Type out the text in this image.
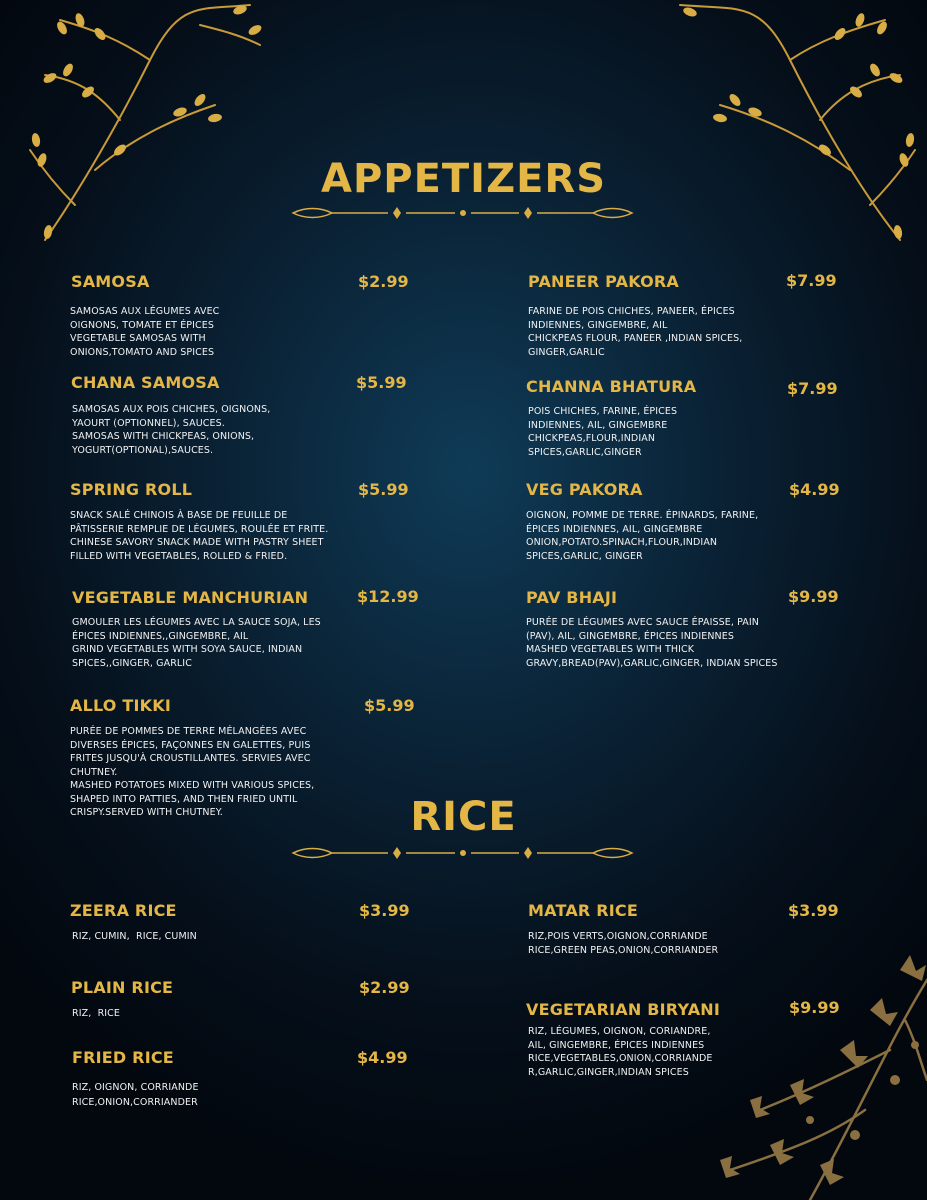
APPETIZERS
SAMOSA	$2.99
SAMOSAS AUX LÉGUMES AVEC
OIGNONS, TOMATE ET ÉPICES
VEGETABLE SAMOSAS WITH
ONIONS,TOMATO AND SPICES
CHANA SAMOSA	$5.99
SAMOSAS AUX POIS CHICHES, OIGNONS,
YAOURT (OPTIONNEL), SAUCES.
SAMOSAS WITH CHICKPEAS, ONIONS,
YOGURT(OPTIONAL),SAUCES.
SPRING ROLL	$5.99
SNACK SALÉ CHINOIS À BASE DE FEUILLE DE
PÂTISSERIE REMPLIE DE LÉGUMES, ROULÉE ET FRITE.
CHINESE SAVORY SNACK MADE WITH PASTRY SHEET
FILLED WITH VEGETABLES, ROLLED & FRIED.
VEGETABLE MANCHURIAN	$12.99
GMOULER LES LÉGUMES AVEC LA SAUCE SOJA, LES
ÉPICES INDIENNES,,GINGEMBRE, AIL
GRIND VEGETABLES WITH SOYA SAUCE, INDIAN
SPICES,,GINGER, GARLIC
ALLO TIKKI	$5.99
PURÉE DE POMMES DE TERRE MÉLANGÉES AVEC
DIVERSES ÉPICES, FAÇONNES EN GALETTES, PUIS
FRITES JUSQU'À CROUSTILLANTES. SERVIES AVEC
CHUTNEY.
MASHED POTATOES MIXED WITH VARIOUS SPICES,
SHAPED INTO PATTIES, AND THEN FRIED UNTIL
CRISPY.SERVED WITH CHUTNEY.
PANEER PAKORA	$7.99
FARINE DE POIS CHICHES, PANEER, ÉPICES
INDIENNES, GINGEMBRE, AIL
CHICKPEAS FLOUR, PANEER ,INDIAN SPICES,
GINGER,GARLIC
CHANNA BHATURA	$7.99
POIS CHICHES, FARINE, ÉPICES
INDIENNES, AIL, GINGEMBRE
CHICKPEAS,FLOUR,INDIAN
SPICES,GARLIC,GINGER
VEG PAKORA	$4.99
OIGNON, POMME DE TERRE. ÉPINARDS, FARINE,
ÉPICES INDIENNES, AIL, GINGEMBRE
ONION,POTATO.SPINACH,FLOUR,INDIAN
SPICES,GARLIC, GINGER
PAV BHAJI	$9.99
PURÉE DE LÉGUMES AVEC SAUCE ÉPAISSE, PAIN
(PAV), AIL, GINGEMBRE, ÉPICES INDIENNES
MASHED VEGETABLES WITH THICK
GRAVY,BREAD(PAV),GARLIC,GINGER, INDIAN SPICES
RICE
ZEERA RICE	$3.99
RIZ, CUMIN,  RICE, CUMIN
PLAIN RICE	$2.99
RIZ,  RICE
FRIED RICE	$4.99
RIZ, OIGNON, CORRIANDE
RICE,ONION,CORRIANDER
MATAR RICE	$3.99
RIZ,POIS VERTS,OIGNON,CORRIANDE
RICE,GREEN PEAS,ONION,CORRIANDER
VEGETARIAN BIRYANI	$9.99
RIZ, LÉGUMES, OIGNON, CORIANDRE,
AIL, GINGEMBRE, ÉPICES INDIENNES
RICE,VEGETABLES,ONION,CORRIANDE
R,GARLIC,GINGER,INDIAN SPICES
